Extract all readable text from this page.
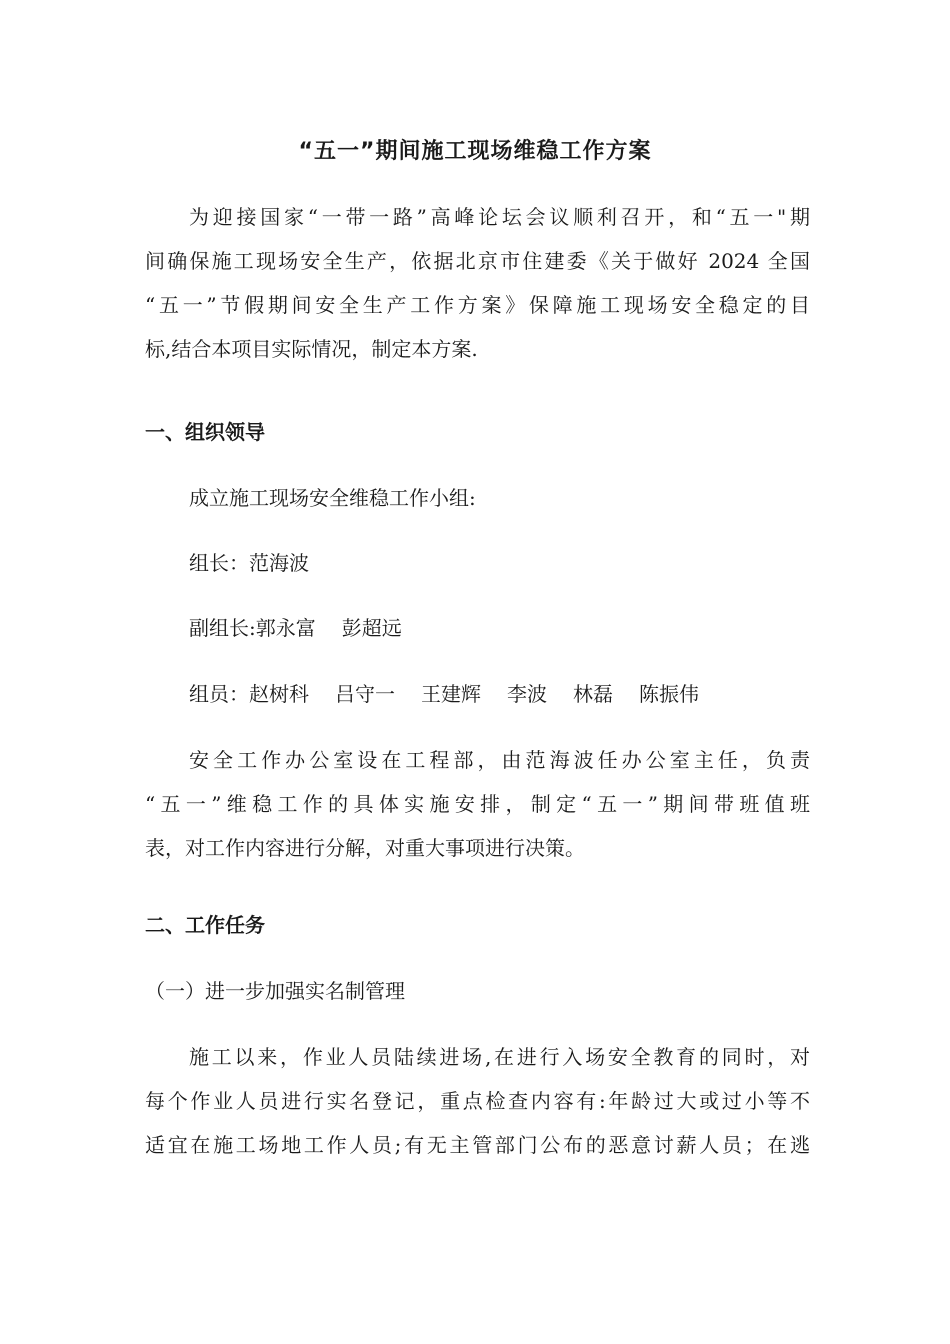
“五一”期间施工现场维稳工作方案
为迎接国家“一带一路”高峰论坛会议顺利召开，和“五一"期
间确保施工现场安全生产，依据北京市住建委《关于做好 2024 全国
“五一”节假期间安全生产工作方案》保障施工现场安全稳定的目
标,结合本项目实际情况，制定本方案.
一、组织领导
成立施工现场安全维稳工作小组:
组长：范海波
副组长:郭永富 彭超远
组员：赵树科 吕守一 王建辉 李波 林磊 陈振伟
安全工作办公室设在工程部，由范海波任办公室主任，负责
“五一”维稳工作的具体实施安排，制定“五一”期间带班值班
表，对工作内容进行分解，对重大事项进行决策。
二、工作任务
（一）进一步加强实名制管理
施工以来，作业人员陆续进场,在进行入场安全教育的同时，对
每个作业人员进行实名登记，重点检查内容有:年龄过大或过小等不
适宜在施工场地工作人员;有无主管部门公布的恶意讨薪人员；在逃
